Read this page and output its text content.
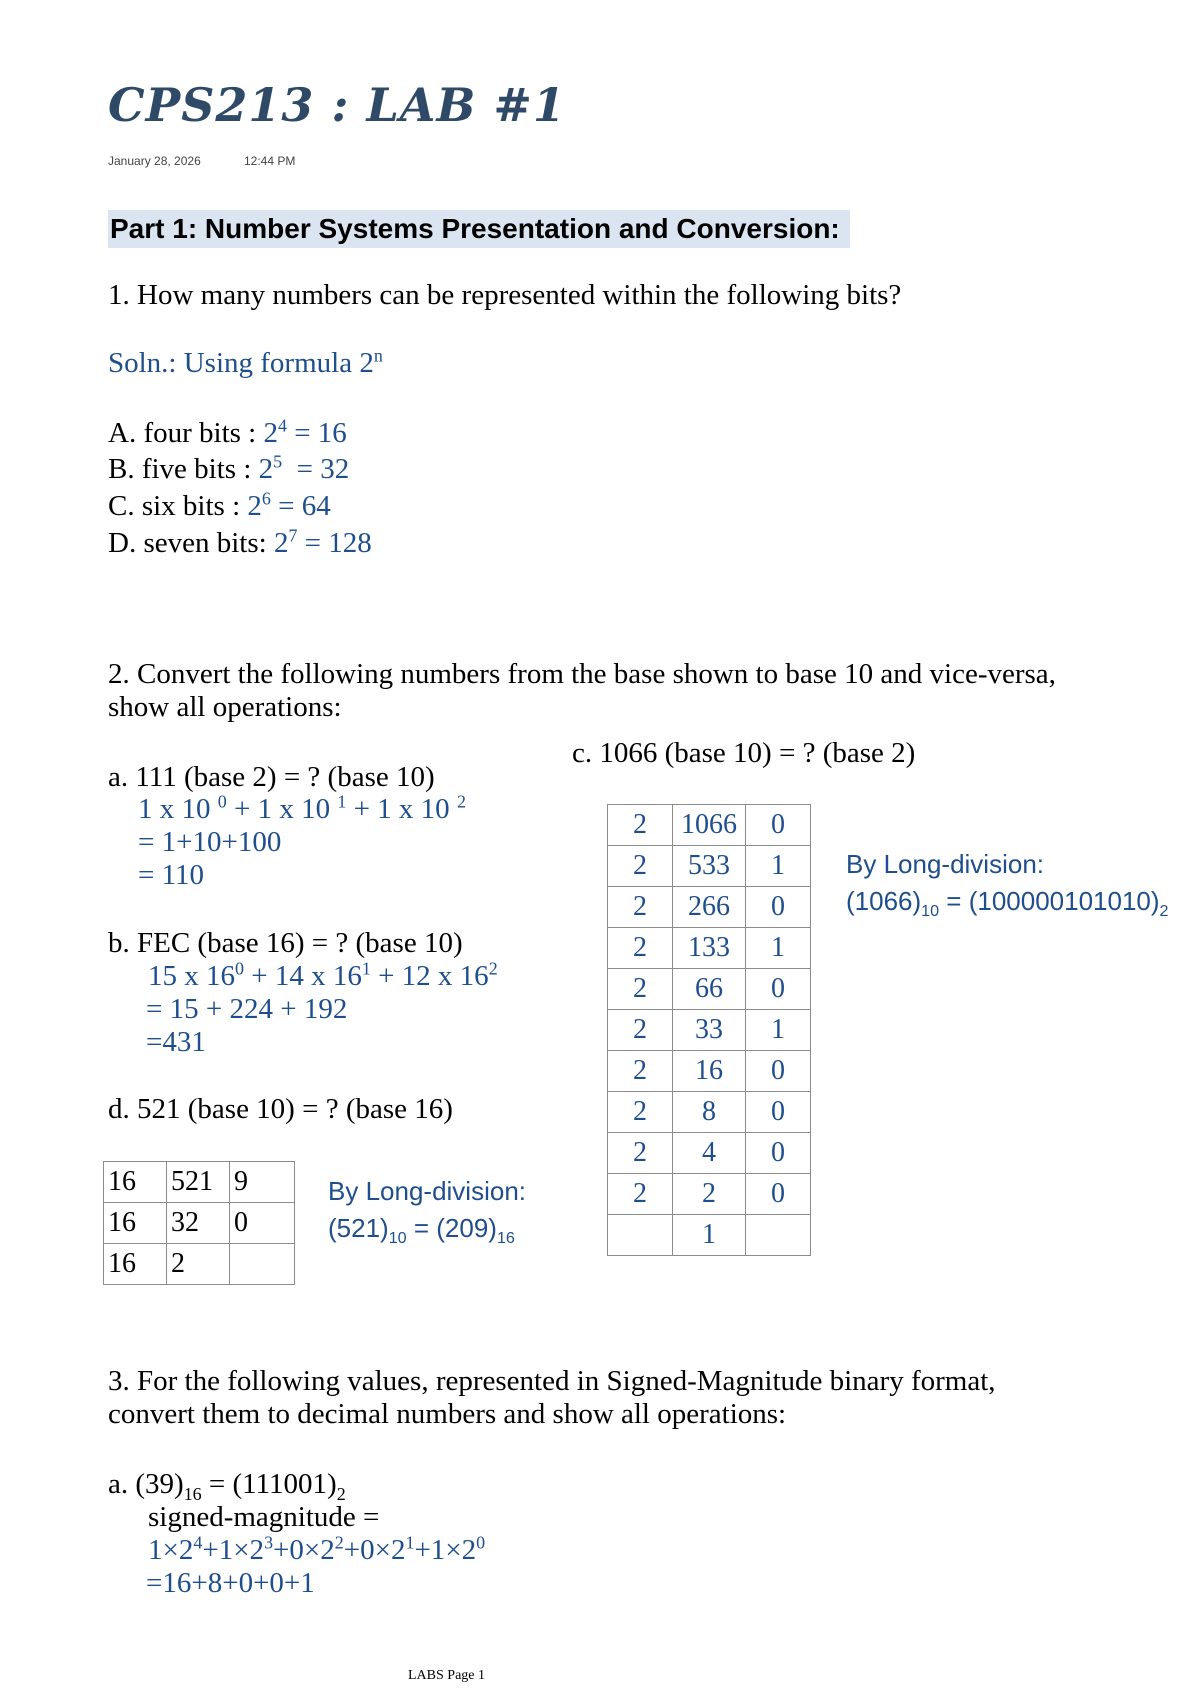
CPS213 : LAB #1
January 28, 2026	12:44 PM
Part 1: Number Systems Presentation and Conversion:
1. How many numbers can be represented within the following bits?
Soln.: Using formula 2$^n$
A. four bits : $2^4 = 16$
B. five bits : $2^5 = 32$
C. six bits : $2^6 = 64$
D. seven bits: $2^7 = 128$
2. Convert the following numbers from the base shown to base 10 and vice-versa,
show all operations:
a. 111 (base 2) = ? (base 10)
1 x 10 $^0$ + 1 x 10 $^1$ + 1 x 10 $^2$
= 1+10+100
= 110
b. FEC (base 16) = ? (base 10)
15 x $16^0 + 14$ x $16^1 + 12$ x $16^2$
= 15 + 224 + 192
=431
d. 521 (base 10) = ? (base 16)
16	521	9
16	32	0
16	2	
By Long-division:
$(521)_{10} = (209)_{16}$
c. 1066 (base 10) = ? (base 2)
2	1066	0
2	533	1
2	266	0
2	133	1
2	66	0
2	33	1
2	16	0
2	8	0
2	4	0
2	2	0
	1	
By Long-division:
$(1066)_{10} = (100000101010)_2$
3. For the following values, represented in Signed-Magnitude binary format,
convert them to decimal numbers and show all operations:
a. $(39)_{16} = (111001)_2$
signed-magnitude =
$1\times 2^4+1\times 2^3+0\times 2^2+0\times 2^1+1\times 2^0$
=16+8+0+0+1
LABS Page 1
